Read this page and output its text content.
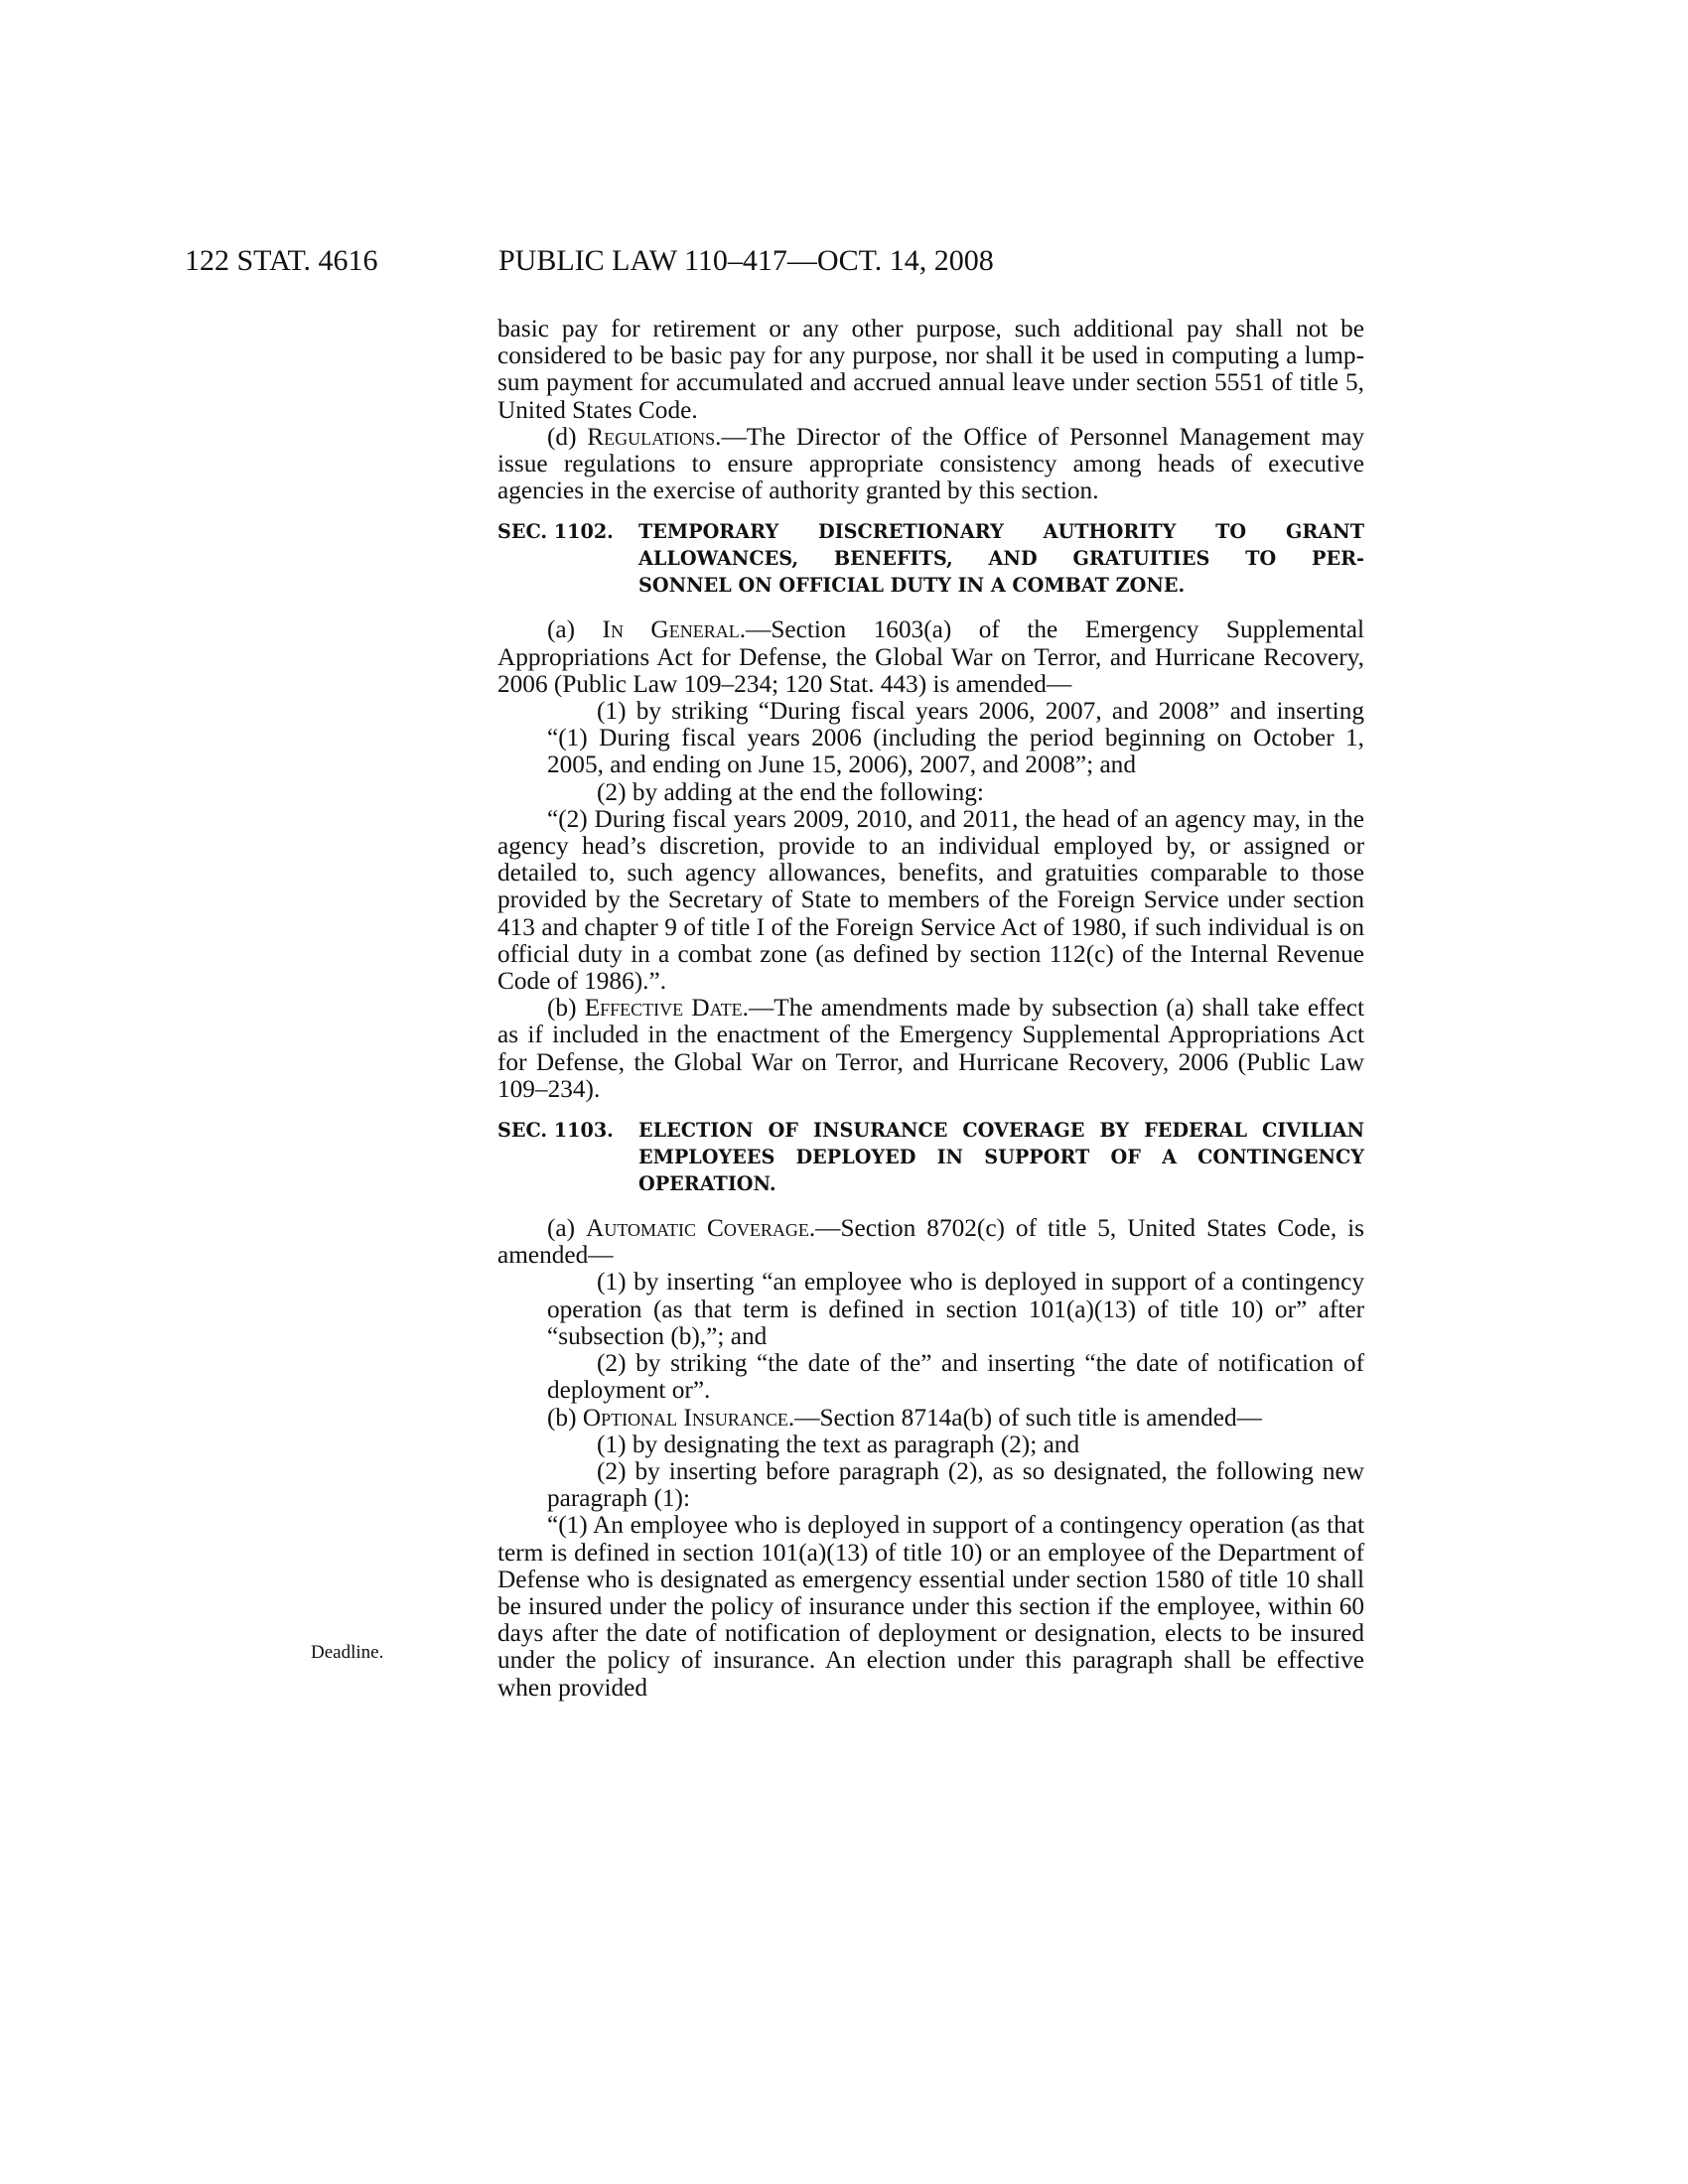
122 STAT. 4616	PUBLIC LAW 110–417—OCT. 14, 2008
Deadline.

basic pay for retirement or any other purpose, such additional pay shall not be considered to be basic pay for any purpose, nor shall it be used in computing a lump-sum payment for accumulated and accrued annual leave under section 5551 of title 5, United States Code.

(d) Regulations.—The Director of the Office of Personnel Management may issue regulations to ensure appropriate consistency among heads of executive agencies in the exercise of authority granted by this section.

SEC. 1102.	TEMPORARY DISCRETIONARY AUTHORITY TO GRANT
ALLOWANCES, BENEFITS, AND GRATUITIES TO PER-
SONNEL ON OFFICIAL DUTY IN A COMBAT ZONE.

(a) In General.—Section 1603(a) of the Emergency Supplemental Appropriations Act for Defense, the Global War on Terror, and Hurricane Recovery, 2006 (Public Law 109–234; 120 Stat. 443) is amended—

(1) by striking “During fiscal years 2006, 2007, and 2008” and inserting “(1) During fiscal years 2006 (including the period beginning on October 1, 2005, and ending on June 15, 2006), 2007, and 2008”; and

(2) by adding at the end the following:

“(2) During fiscal years 2009, 2010, and 2011, the head of an agency may, in the agency head’s discretion, provide to an individual employed by, or assigned or detailed to, such agency allowances, benefits, and gratuities comparable to those provided by the Secretary of State to members of the Foreign Service under section 413 and chapter 9 of title I of the Foreign Service Act of 1980, if such individual is on official duty in a combat zone (as defined by section 112(c) of the Internal Revenue Code of 1986).”.

(b) Effective Date.—The amendments made by subsection (a) shall take effect as if included in the enactment of the Emergency Supplemental Appropriations Act for Defense, the Global War on Terror, and Hurricane Recovery, 2006 (Public Law 109–234).

SEC. 1103.	ELECTION OF INSURANCE COVERAGE BY FEDERAL CIVILIAN
EMPLOYEES DEPLOYED IN SUPPORT OF A CONTINGENCY
OPERATION.

(a) Automatic Coverage.—Section 8702(c) of title 5, United States Code, is amended—

(1) by inserting “an employee who is deployed in support of a contingency operation (as that term is defined in section 101(a)(13) of title 10) or” after “subsection (b),”; and

(2) by striking “the date of the” and inserting “the date of notification of deployment or”.

(b) Optional Insurance.—Section 8714a(b) of such title is amended—

(1) by designating the text as paragraph (2); and

(2) by inserting before paragraph (2), as so designated, the following new paragraph (1):

“(1) An employee who is deployed in support of a contingency operation (as that term is defined in section 101(a)(13) of title 10) or an employee of the Department of Defense who is designated as emergency essential under section 1580 of title 10 shall be insured under the policy of insurance under this section if the employee, within 60 days after the date of notification of deployment or designation, elects to be insured under the policy of insurance. An election under this paragraph shall be effective when provided
